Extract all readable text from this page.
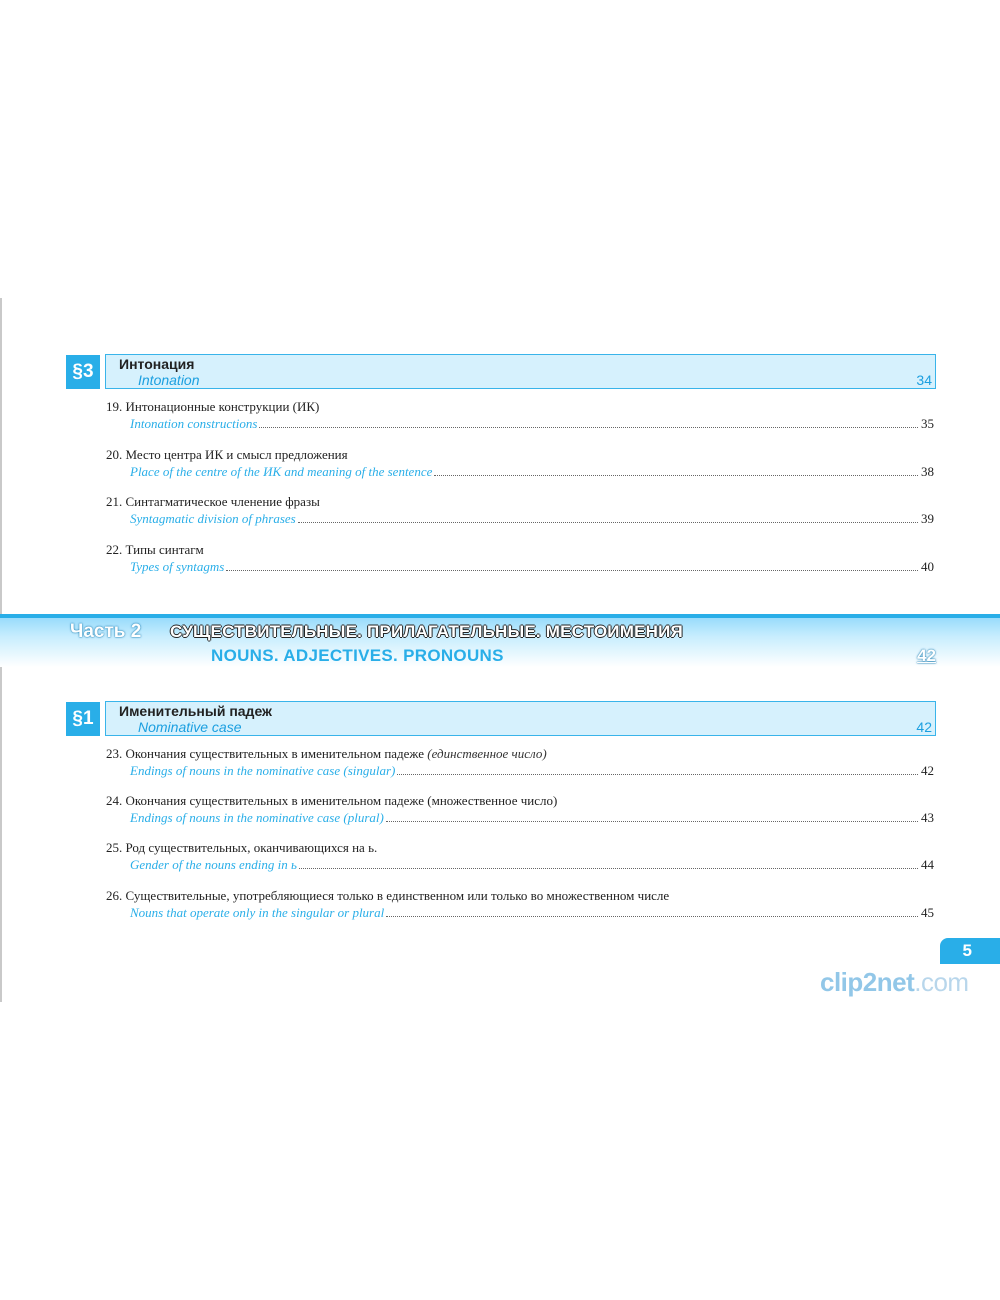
§3	Интонация
Intonation	34
19. Интонационные конструкции (ИК)
Intonation constructions	35
20. Место центра ИК и смысл предложения
Place of the centre of the ИК and meaning of the sentence	38
21. Синтагматическое членение фразы
Syntagmatic division of phrases	39
22. Типы синтагм
Types of syntagms	40
Часть 2 СУЩЕСТВИТЕЛЬНЫЕ. ПРИЛАГАТЕЛЬНЫЕ. МЕСТОИМЕНИЯ
NOUNS. ADJECTIVES. PRONOUNS	42
§1	Именительный падеж
Nominative case	42
23. Окончания существительных в именительном падеже (единственное число)
Endings of nouns in the nominative case (singular)	42
24. Окончания существительных в именительном падеже (множественное число)
Endings of nouns in the nominative case (plural)	43
25. Род существительных, оканчивающихся на ь.
Gender of the nouns ending in ь	44
26. Существительные, употребляющиеся только в единственном или только во множественном числе
Nouns that operate only in the singular or plural	45
5
clip2net.com
